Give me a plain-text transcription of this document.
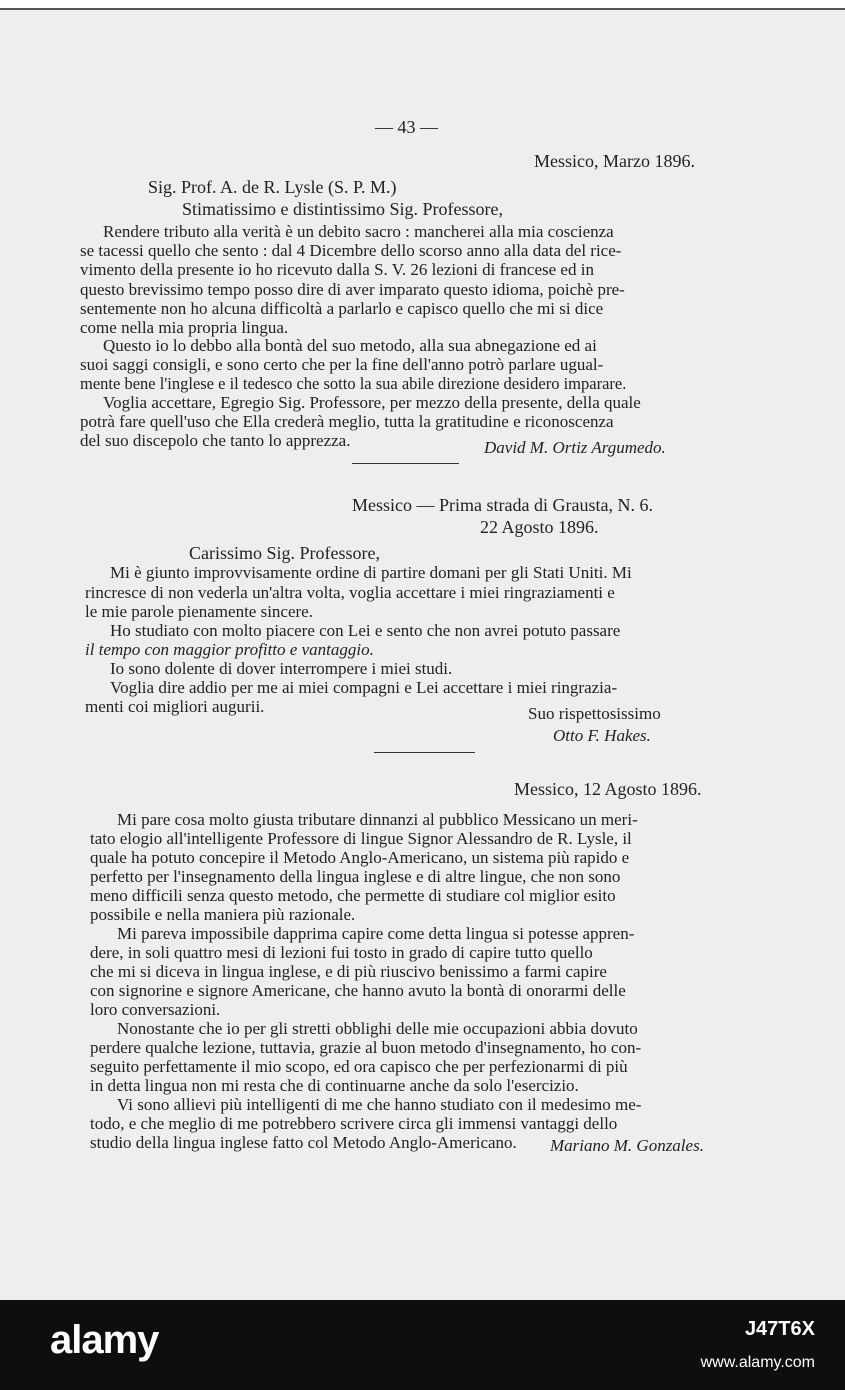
— 43 —
Messico, Marzo 1896.
Sig. Prof. A. de R. Lysle (S. P. M.)
Stimatissimo e distintissimo Sig. Professore,
Rendere tributo alla verità è un debito sacro : mancherei alla mia coscienza
se tacessi quello che sento : dal 4 Dicembre dello scorso anno alla data del rice-
vimento della presente io ho ricevuto dalla S. V. 26 lezioni di francese ed in
questo brevissimo tempo posso dire di aver imparato questo idioma, poichè pre-
sentemente non ho alcuna difficoltà a parlarlo e capisco quello che mi si dice
come nella mia propria lingua.
Questo io lo debbo alla bontà del suo metodo, alla sua abnegazione ed ai
suoi saggi consigli, e sono certo che per la fine dell'anno potrò parlare ugual-
mente bene l'inglese e il tedesco che sotto la sua abile direzione desidero imparare.
Voglia accettare, Egregio Sig. Professore, per mezzo della presente, della quale
potrà fare quell'uso che Ella crederà meglio, tutta la gratitudine e riconoscenza
del suo discepolo che tanto lo apprezza.	David M. Ortiz Argumedo.
Messico — Prima strada di Grausta, N. 6.
22 Agosto 1896.
Carissimo Sig. Professore,
Mi è giunto improvvisamente ordine di partire domani per gli Stati Uniti. Mi
rincresce di non vederla un'altra volta, voglia accettare i miei ringraziamenti e
le mie parole pienamente sincere.
Ho studiato con molto piacere con Lei e sento che non avrei potuto passare
il tempo con maggior profitto e vantaggio.
Io sono dolente di dover interrompere i miei studi.
Voglia dire addio per me ai miei compagni e Lei accettare i miei ringrazia-
menti coi migliori augurii.	Suo rispettosissimo
Otto F. Hakes.
Messico, 12 Agosto 1896.
Mi pare cosa molto giusta tributare dinnanzi al pubblico Messicano un meri-
tato elogio all'intelligente Professore di lingue Signor Alessandro de R. Lysle, il
quale ha potuto concepire il Metodo Anglo-Americano, un sistema più rapido e
perfetto per l'insegnamento della lingua inglese e di altre lingue, che non sono
meno difficili senza questo metodo, che permette di studiare col miglior esito
possibile e nella maniera più razionale.
Mi pareva impossibile dapprima capire come detta lingua si potesse appren-
dere, in soli quattro mesi di lezioni fui tosto in grado di capire tutto quello
che mi si diceva in lingua inglese, e di più riuscivo benissimo a farmi capire
con signorine e signore Americane, che hanno avuto la bontà di onorarmi delle
loro conversazioni.
Nonostante che io per gli stretti obblighi delle mie occupazioni abbia dovuto
perdere qualche lezione, tuttavia, grazie al buon metodo d'insegnamento, ho con-
seguito perfettamente il mio scopo, ed ora capisco che per perfezionarmi di più
in detta lingua non mi resta che di continuarne anche da solo l'esercizio.
Vi sono allievi più intelligenti di me che hanno studiato con il medesimo me-
todo, e che meglio di me potrebbero scrivere circa gli immensi vantaggi dello
studio della lingua inglese fatto col Metodo Anglo-Americano. Mariano M. Gonzales.
alamy	J47T6X
www.alamy.com
